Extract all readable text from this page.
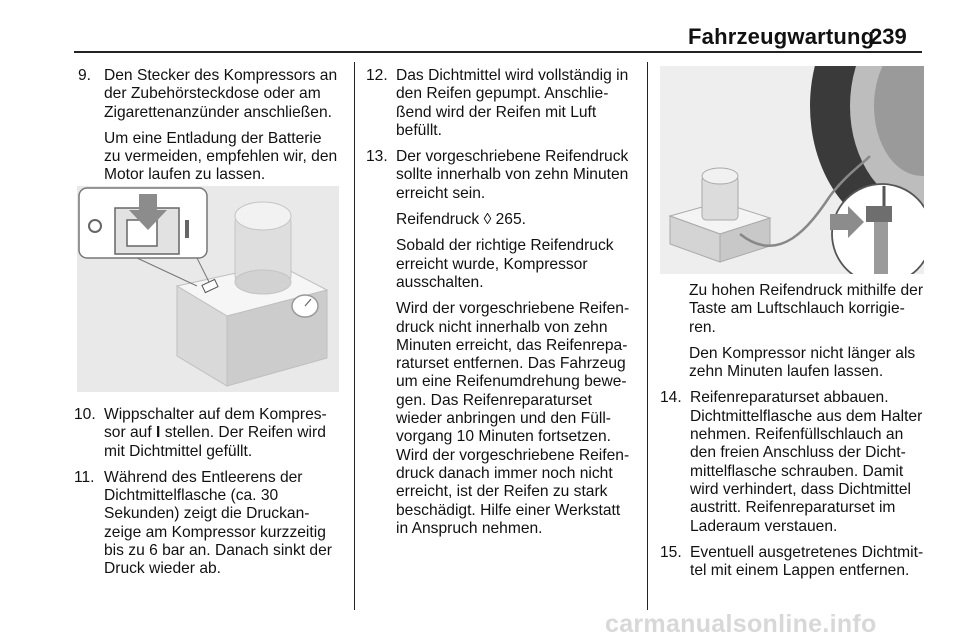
Fahrzeugwartung
239
9. Den Stecker des Kompressors an der Zubehörsteckdose oder am Zigarettenanzünder anschließen.

Um eine Entladung der Batterie zu vermeiden, empfehlen wir, den Motor laufen zu lassen.

10. Wippschalter auf dem Kompres-sor auf I stellen. Der Reifen wird mit Dichtmittel gefüllt.

11. Während des Entleerens der Dichtmittelflasche (ca. 30 Sekunden) zeigt die Druckan-zeige am Kompressor kurzzeitig bis zu 6 bar an. Danach sinkt der Druck wieder ab.

12. Das Dichtmittel wird vollständig in den Reifen gepumpt. Anschlie-ßend wird der Reifen mit Luft befüllt.

13. Der vorgeschriebene Reifendruck sollte innerhalb von zehn Minuten erreicht sein.

Reifendruck ◊ 265.

Sobald der richtige Reifendruck erreicht wurde, Kompressor ausschalten.

Wird der vorgeschriebene Reifen-druck nicht innerhalb von zehn Minuten erreicht, das Reifenrepa-raturset entfernen. Das Fahrzeug um eine Reifenumdrehung bewe-gen. Das Reifenreparaturset wieder anbringen und den Füll-vorgang 10 Minuten fortsetzen. Wird der vorgeschriebene Reifen-druck danach immer noch nicht erreicht, ist der Reifen zu stark beschädigt. Hilfe einer Werkstatt in Anspruch nehmen.

Zu hohen Reifendruck mithilfe der Taste am Luftschlauch korrigie-ren.

Den Kompressor nicht länger als zehn Minuten laufen lassen.

14. Reifenreparaturset abbauen. Dichtmittelflasche aus dem Halter nehmen. Reifenfüllschlauch an den freien Anschluss der Dicht-mittelflasche schrauben. Damit wird verhindert, dass Dichtmittel austritt. Reifenreparaturset im Laderaum verstauen.

15. Eventuell ausgetretenes Dichtmit-tel mit einem Lappen entfernen.

carmanualsonline.info
